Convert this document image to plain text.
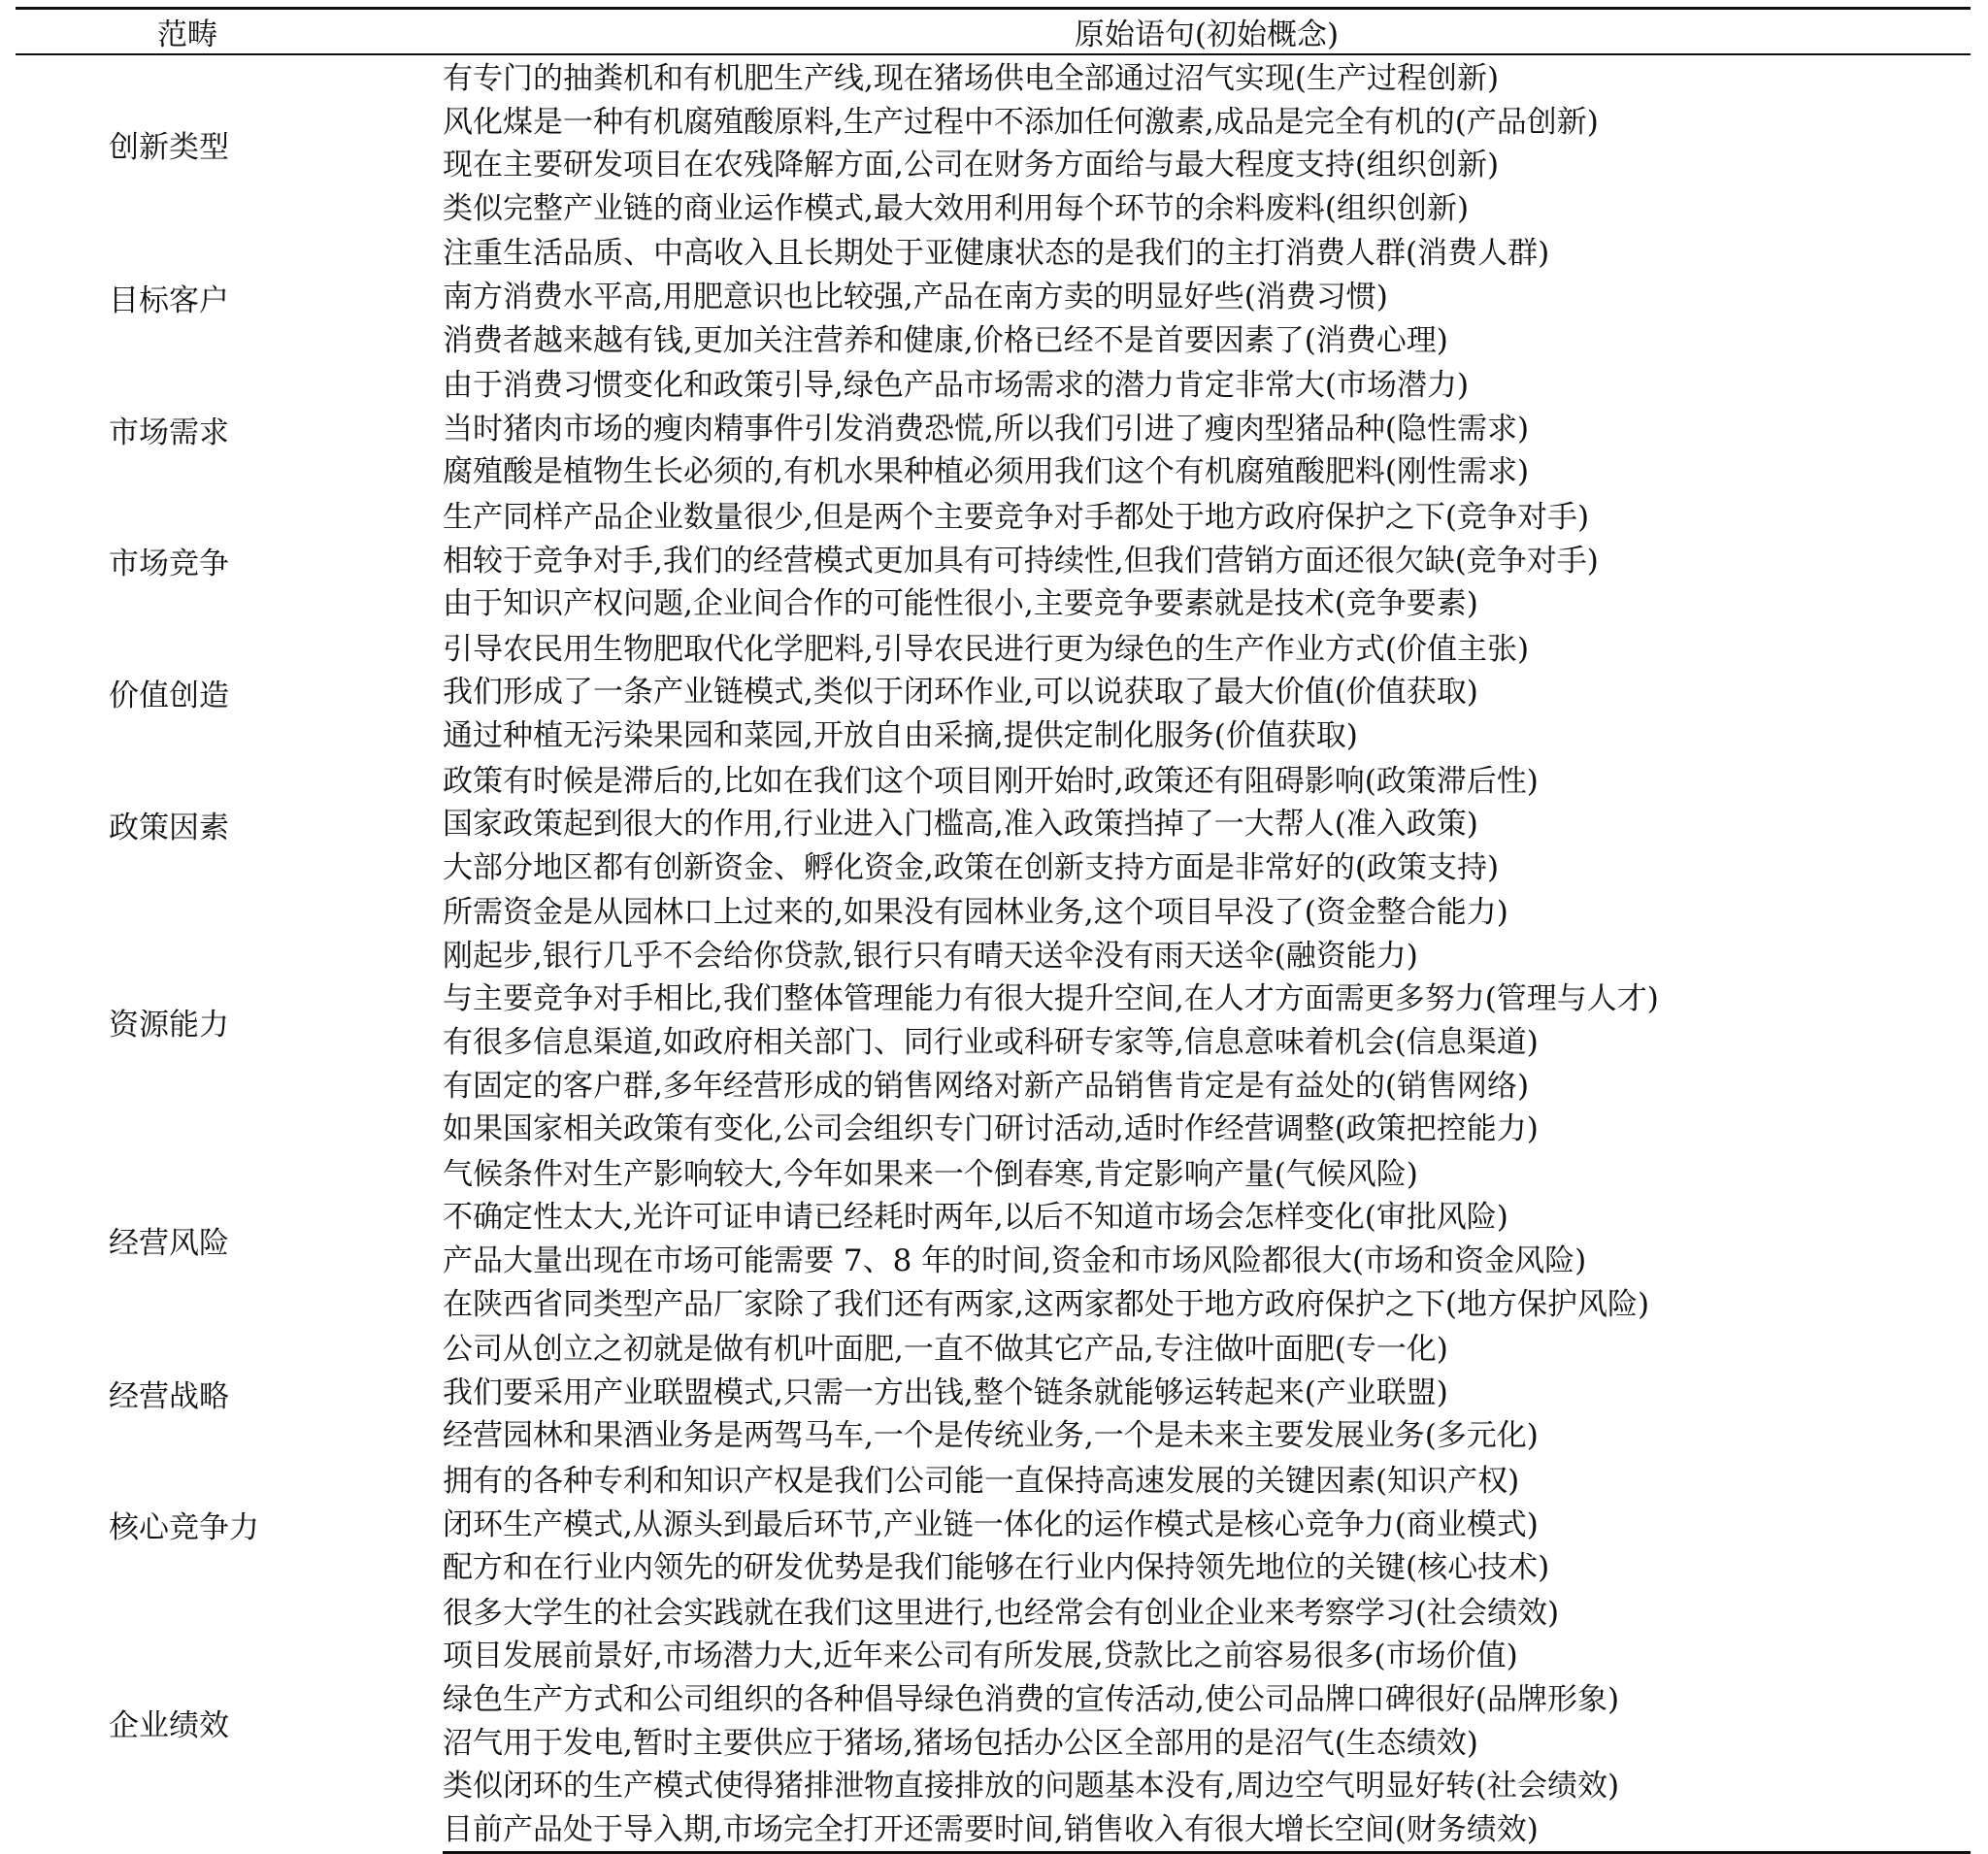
范畴	原始语句(初始概念)
创新类型	有专门的抽粪机和有机肥生产线,现在猪场供电全部通过沼气实现(生产过程创新)
	风化煤是一种有机腐殖酸原料,生产过程中不添加任何激素,成品是完全有机的(产品创新)
	现在主要研发项目在农残降解方面,公司在财务方面给与最大程度支持(组织创新)
	类似完整产业链的商业运作模式,最大效用利用每个环节的余料废料(组织创新)
目标客户	注重生活品质、中高收入且长期处于亚健康状态的是我们的主打消费人群(消费人群)
	南方消费水平高,用肥意识也比较强,产品在南方卖的明显好些(消费习惯)
	消费者越来越有钱,更加关注营养和健康,价格已经不是首要因素了(消费心理)
市场需求	由于消费习惯变化和政策引导,绿色产品市场需求的潜力肯定非常大(市场潜力)
	当时猪肉市场的瘦肉精事件引发消费恐慌,所以我们引进了瘦肉型猪品种(隐性需求)
	腐殖酸是植物生长必须的,有机水果种植必须用我们这个有机腐殖酸肥料(刚性需求)
市场竞争	生产同样产品企业数量很少,但是两个主要竞争对手都处于地方政府保护之下(竞争对手)
	相较于竞争对手,我们的经营模式更加具有可持续性,但我们营销方面还很欠缺(竞争对手)
	由于知识产权问题,企业间合作的可能性很小,主要竞争要素就是技术(竞争要素)
价值创造	引导农民用生物肥取代化学肥料,引导农民进行更为绿色的生产作业方式(价值主张)
	我们形成了一条产业链模式,类似于闭环作业,可以说获取了最大价值(价值获取)
	通过种植无污染果园和菜园,开放自由采摘,提供定制化服务(价值获取)
政策因素	政策有时候是滞后的,比如在我们这个项目刚开始时,政策还有阻碍影响(政策滞后性)
	国家政策起到很大的作用,行业进入门槛高,准入政策挡掉了一大帮人(准入政策)
	大部分地区都有创新资金、孵化资金,政策在创新支持方面是非常好的(政策支持)
资源能力	所需资金是从园林口上过来的,如果没有园林业务,这个项目早没了(资金整合能力)
	刚起步,银行几乎不会给你贷款,银行只有晴天送伞没有雨天送伞(融资能力)
	与主要竞争对手相比,我们整体管理能力有很大提升空间,在人才方面需更多努力(管理与人才)
	有很多信息渠道,如政府相关部门、同行业或科研专家等,信息意味着机会(信息渠道)
	有固定的客户群,多年经营形成的销售网络对新产品销售肯定是有益处的(销售网络)
	如果国家相关政策有变化,公司会组织专门研讨活动,适时作经营调整(政策把控能力)
经营风险	气候条件对生产影响较大,今年如果来一个倒春寒,肯定影响产量(气候风险)
	不确定性太大,光许可证申请已经耗时两年,以后不知道市场会怎样变化(审批风险)
	产品大量出现在市场可能需要 7、8 年的时间,资金和市场风险都很大(市场和资金风险)
	在陕西省同类型产品厂家除了我们还有两家,这两家都处于地方政府保护之下(地方保护风险)
经营战略	公司从创立之初就是做有机叶面肥,一直不做其它产品,专注做叶面肥(专一化)
	我们要采用产业联盟模式,只需一方出钱,整个链条就能够运转起来(产业联盟)
	经营园林和果酒业务是两驾马车,一个是传统业务,一个是未来主要发展业务(多元化)
核心竞争力	拥有的各种专利和知识产权是我们公司能一直保持高速发展的关键因素(知识产权)
	闭环生产模式,从源头到最后环节,产业链一体化的运作模式是核心竞争力(商业模式)
	配方和在行业内领先的研发优势是我们能够在行业内保持领先地位的关键(核心技术)
企业绩效	很多大学生的社会实践就在我们这里进行,也经常会有创业企业来考察学习(社会绩效)
	项目发展前景好,市场潜力大,近年来公司有所发展,贷款比之前容易很多(市场价值)
	绿色生产方式和公司组织的各种倡导绿色消费的宣传活动,使公司品牌口碑很好(品牌形象)
	沼气用于发电,暂时主要供应于猪场,猪场包括办公区全部用的是沼气(生态绩效)
	类似闭环的生产模式使得猪排泄物直接排放的问题基本没有,周边空气明显好转(社会绩效)
	目前产品处于导入期,市场完全打开还需要时间,销售收入有很大增长空间(财务绩效)
